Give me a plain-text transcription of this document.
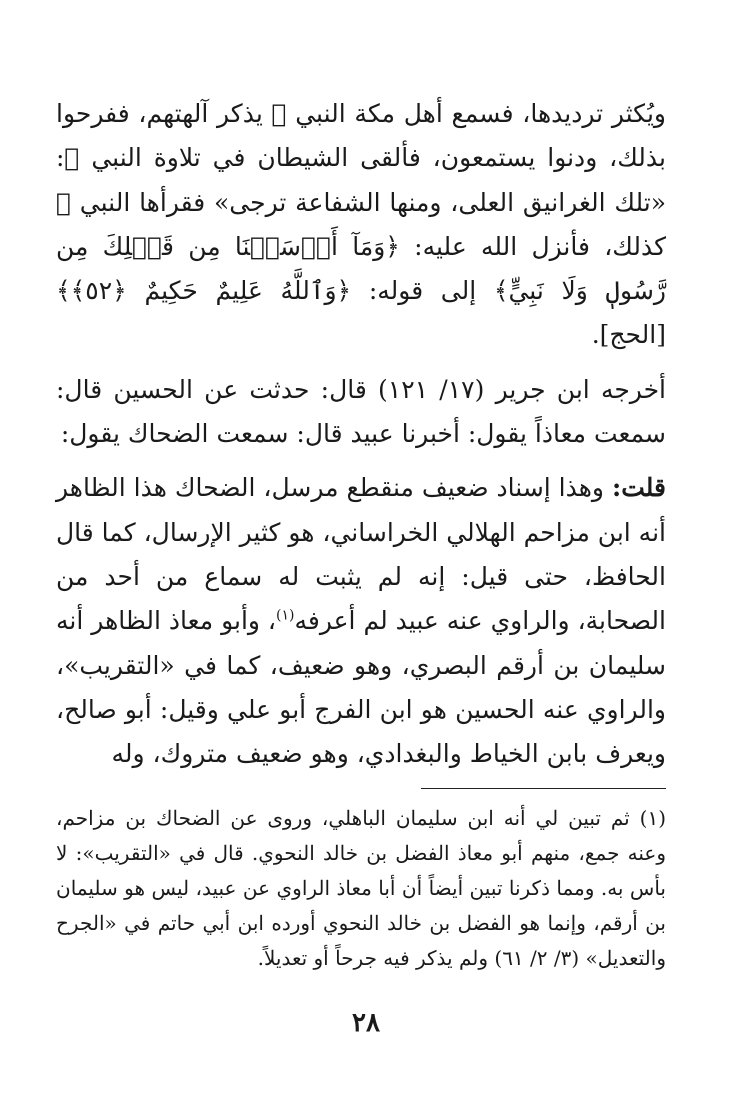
ويُكثر ترديدها، فسمع أهل مكة النبي ﷺ يذكر آلهتهم، ففرحوا بذلك، ودنوا يستمعون، فألقى الشيطان في تلاوة النبي ﷺ: «تلك الغرانيق العلى، ومنها الشفاعة ترجى» فقرأها النبي ﷺ كذلك، فأنزل الله عليه: ﴿وَمَآ أَرۡسَلۡنَا مِن قَبۡلِكَ مِن رَّسُولٖ وَلَا نَبِيٍّ﴾ إلى قوله: ﴿وَٱللَّهُ عَلِيمٌ حَكِيمٌ ﴿٥٢﴾﴾ [الحج].

أخرجه ابن جرير (١٧/ ١٢١) قال: حدثت عن الحسين قال: سمعت معاذاً يقول: أخبرنا عبيد قال: سمعت الضحاك يقول:

قلت: وهذا إسناد ضعيف منقطع مرسل، الضحاك هذا الظاهر أنه ابن مزاحم الهلالي الخراساني، هو كثير الإرسال، كما قال الحافظ، حتى قيل: إنه لم يثبت له سماع من أحد من الصحابة، والراوي عنه عبيد لم أعرفه$^{(١)}$، وأبو معاذ الظاهر أنه سليمان بن أرقم البصري، وهو ضعيف، كما في «التقريب»، والراوي عنه الحسين هو ابن الفرج أبو علي وقيل: أبو صالح، ويعرف بابن الخياط والبغدادي، وهو ضعيف متروك، وله

(١) ثم تبين لي أنه ابن سليمان الباهلي، وروى عن الضحاك بن مزاحم، وعنه جمع، منهم أبو معاذ الفضل بن خالد النحوي. قال في «التقريب»: لا بأس به. ومما ذكرنا تبين أيضاً أن أبا معاذ الراوي عن عبيد، ليس هو سليمان بن أرقم، وإنما هو الفضل بن خالد النحوي أورده ابن أبي حاتم في «الجرح والتعديل» (٣/ ٢/ ٦١) ولم يذكر فيه جرحاً أو تعديلاً.

٢٨
